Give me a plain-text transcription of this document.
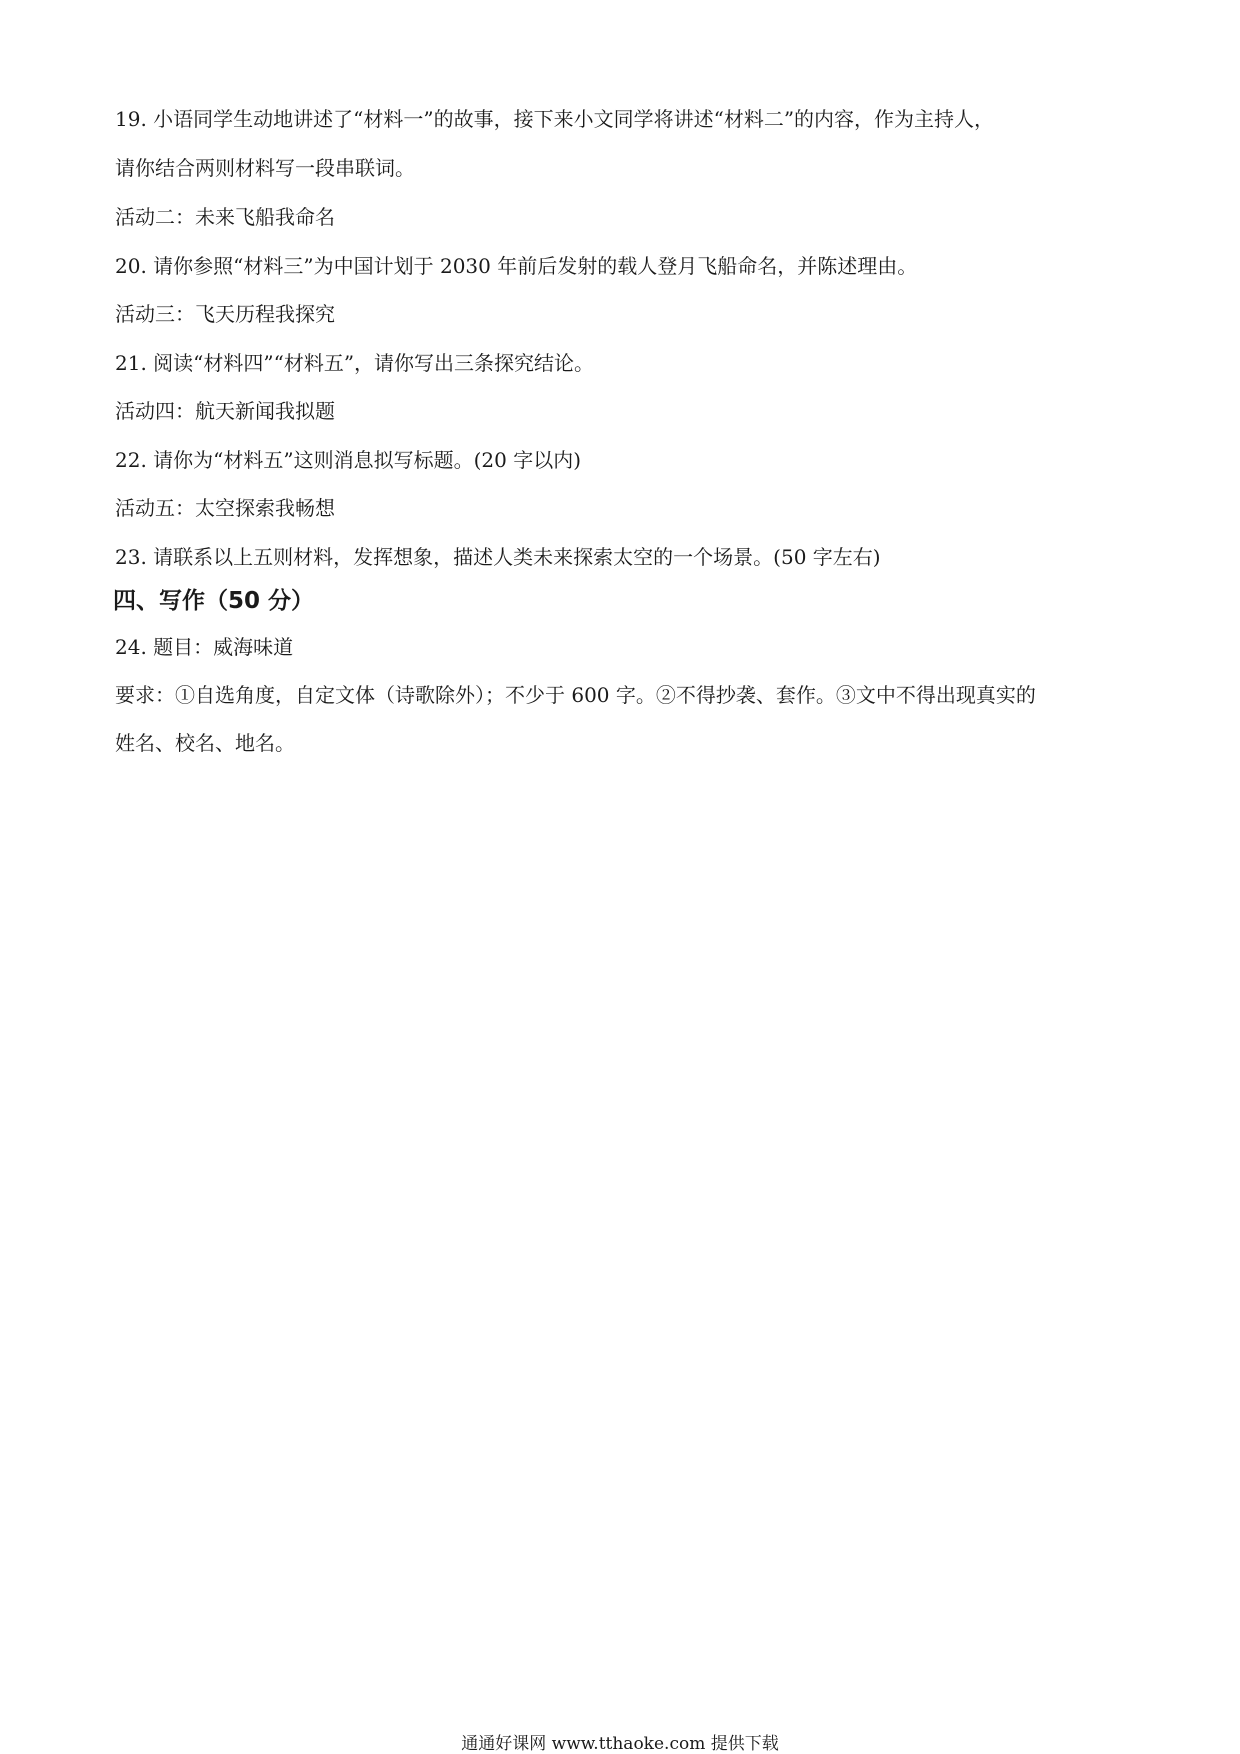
19. 小语同学生动地讲述了“材料一”的故事，接下来小文同学将讲述“材料二”的内容，作为主持人，
请你结合两则材料写一段串联词。
活动二：未来飞船我命名
20. 请你参照“材料三”为中国计划于 2030 年前后发射的载人登月飞船命名，并陈述理由。
活动三：飞天历程我探究
21. 阅读“材料四”“材料五”，请你写出三条探究结论。
活动四：航天新闻我拟题
22. 请你为“材料五”这则消息拟写标题。(20 字以内)
活动五：太空探索我畅想
23. 请联系以上五则材料，发挥想象，描述人类未来探索太空的一个场景。(50 字左右)
四、写作（50 分）
24. 题目：威海味道
要求：①自选角度，自定文体（诗歌除外）；不少于 600 字。②不得抄袭、套作。③文中不得出现真实的
姓名、校名、地名。
通通好课网 www.tthaoke.com 提供下载
